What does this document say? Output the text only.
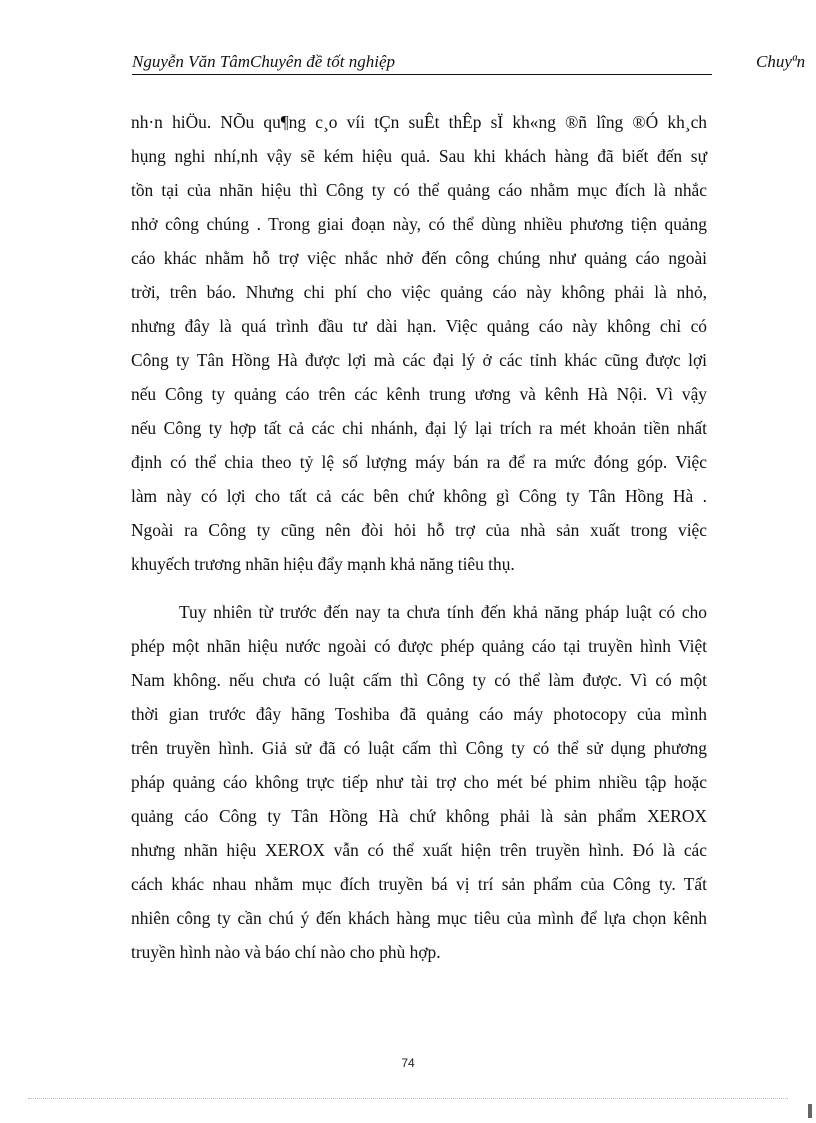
Nguyễn Văn TâmChuyên đề tốt nghiệp	Chuyªn
nh·n hiÖu. NÕu qu¶ng c¸o víi tÇn suÊt thÊp sÏ kh«ng ®ñ lîng ®Ó kh¸ch
hụng nghi nhí,nh vậy sẽ kém hiệu quả. Sau khi khách hàng đã biết đến sự
tồn tại của nhãn hiệu thì Công ty có thể quảng cáo nhằm mục đích là nhắc
nhở công chúng . Trong giai đoạn này, có thể dùng nhiều phương tiện quảng
cáo khác nhằm hỗ trợ việc nhắc nhở đến công chúng như quảng cáo ngoài
trời, trên báo. Nhưng chi phí cho việc quảng cáo này không phải là nhỏ,
nhưng đây là quá trình đầu tư dài hạn. Việc quảng cáo này không chỉ có
Công ty Tân Hồng Hà được lợi mà các đại lý ở các tỉnh khác cũng được lợi
nếu Công ty quảng cáo trên các kênh trung ương và kênh Hà Nội. Vì vậy
nếu Công ty hợp tất cả các chi nhánh, đại lý lại trích ra mét khoản tiền nhất
định có thể chia theo tỷ lệ số lượng máy bán ra để ra mức đóng góp. Việc
làm này có lợi cho tất cả các bên chứ không gì Công ty Tân Hồng Hà .
Ngoài ra Công ty cũng nên đòi hỏi hỗ trợ của nhà sản xuất trong việc
khuyếch trương nhãn hiệu đẩy mạnh khả năng tiêu thụ.
Tuy nhiên từ trước đến nay ta chưa tính đến khả năng pháp luật có cho
phép một nhãn hiệu nước ngoài có được phép quảng cáo tại truyền hình Việt
Nam không. nếu chưa có luật cấm thì Công ty có thể làm được. Vì có một
thời gian trước đây hãng Toshiba đã quảng cáo máy photocopy của mình
trên truyền hình. Giả sử đã có luật cấm thì Công ty có thể sử dụng phương
pháp quảng cáo không trực tiếp như tài trợ cho mét bé phim nhiều tập hoặc
quảng cáo Công ty Tân Hồng Hà chứ không phải là sản phẩm XEROX
nhưng nhãn hiệu XEROX vẫn có thể xuất hiện trên truyền hình. Đó là các
cách khác nhau nhằm mục đích truyền bá vị trí sản phẩm của Công ty. Tất
nhiên công ty cần chú ý đến khách hàng mục tiêu của mình để lựa chọn kênh
truyền hình nào và báo chí nào cho phù hợp.
74
